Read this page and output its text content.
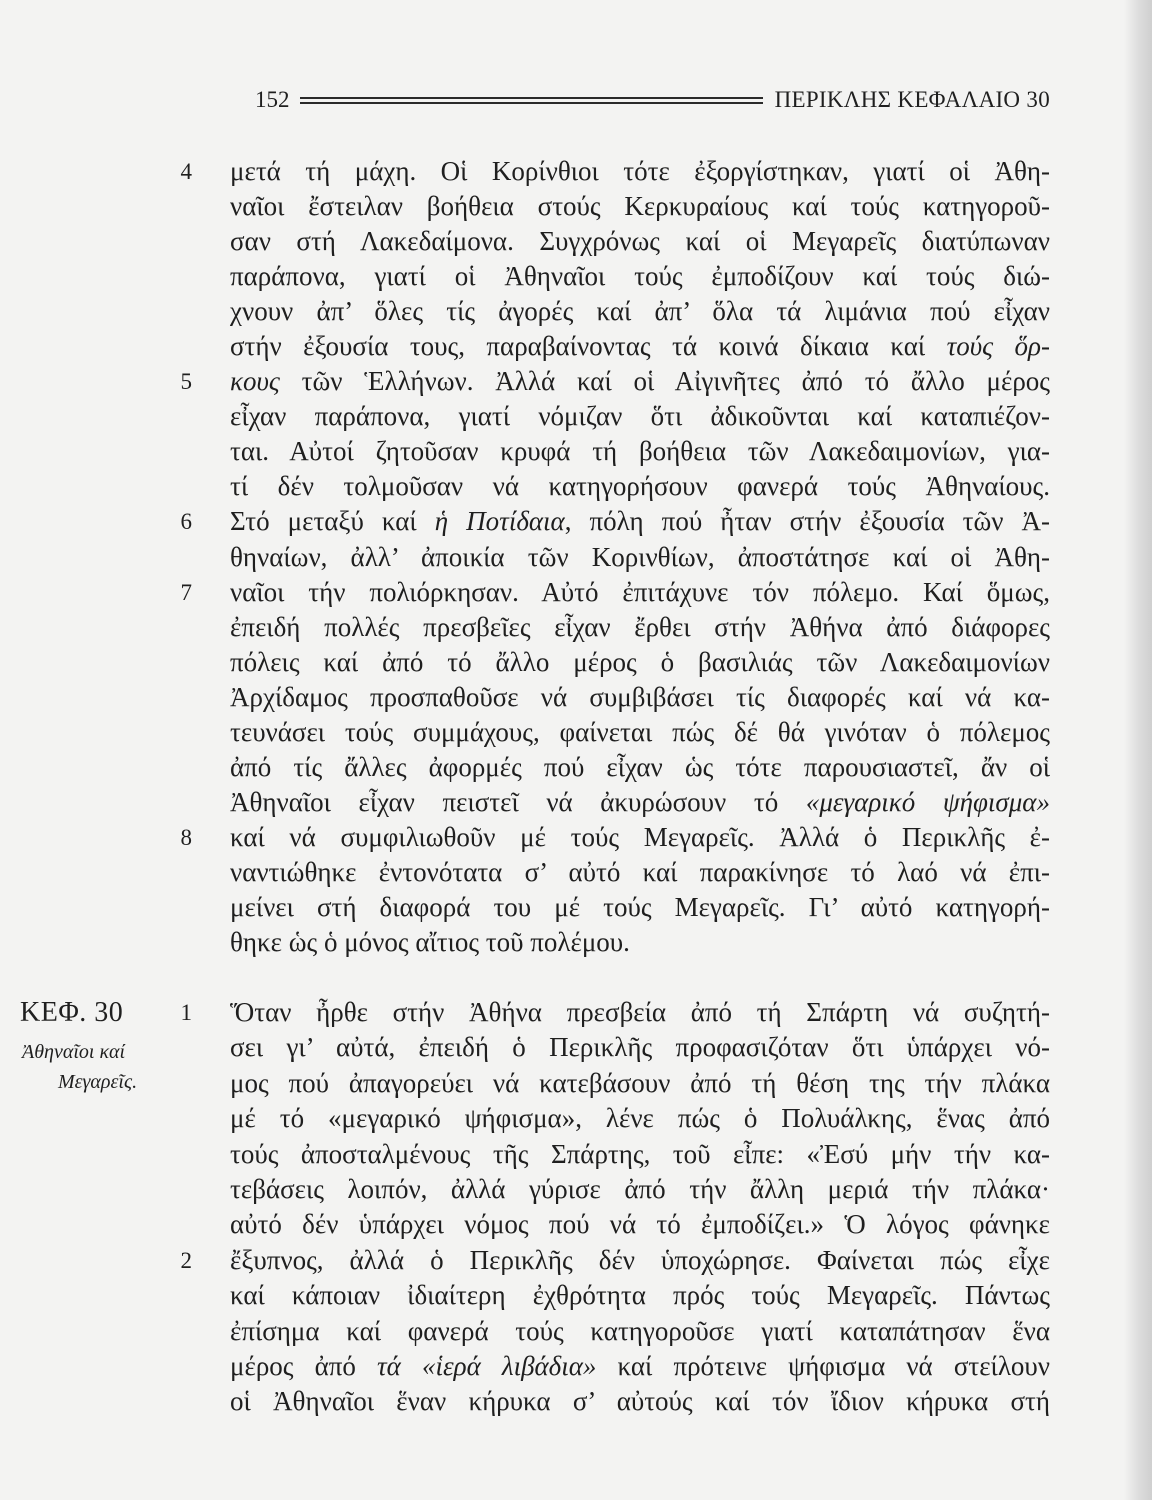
152	ΠΕΡΙΚΛΗΣ ΚΕΦΑΛΑΙΟ 30
ΚΕΦ. 30
Ἀθηναῖοι καί
Μεγαρεῖς.
4 μετά τή μάχη. Οἱ Κορίνθιοι τότε ἐξοργίστηκαν, γιατί οἱ Ἀθη-
ναῖοι ἔστειλαν βοήθεια στούς Κερκυραίους καί τούς κατηγοροῦ-
σαν στή Λακεδαίμονα. Συγχρόνως καί οἱ Μεγαρεῖς διατύπωναν
παράπονα, γιατί οἱ Ἀθηναῖοι τούς ἐμποδίζουν καί τούς διώ-
χνουν ἀπ’ ὅλες τίς ἀγορές καί ἀπ’ ὅλα τά λιμάνια πού εἶχαν
στήν ἐξουσία τους, παραβαίνοντας τά κοινά δίκαια καί τούς ὅρ-
5 κους τῶν Ἑλλήνων. Ἀλλά καί οἱ Αἰγινῆτες ἀπό τό ἄλλο μέρος
εἶχαν παράπονα, γιατί νόμιζαν ὅτι ἀδικοῦνται καί καταπιέζον-
ται. Αὐτοί ζητοῦσαν κρυφά τή βοήθεια τῶν Λακεδαιμονίων, για-
τί δέν τολμοῦσαν νά κατηγορήσουν φανερά τούς Ἀθηναίους.
6 Στό μεταξύ καί ἡ Ποτίδαια, πόλη πού ἦταν στήν ἐξουσία τῶν Ἀ-
θηναίων, ἀλλ’ ἀποικία τῶν Κορινθίων, ἀποστάτησε καί οἱ Ἀθη-
7 ναῖοι τήν πολιόρκησαν. Αὐτό ἐπιτάχυνε τόν πόλεμο. Καί ὅμως,
ἐπειδή πολλές πρεσβεῖες εἶχαν ἔρθει στήν Ἀθήνα ἀπό διάφορες
πόλεις καί ἀπό τό ἄλλο μέρος ὁ βασιλιάς τῶν Λακεδαιμονίων
Ἀρχίδαμος προσπαθοῦσε νά συμβιβάσει τίς διαφορές καί νά κα-
τευνάσει τούς συμμάχους, φαίνεται πώς δέ θά γινόταν ὁ πόλεμος
ἀπό τίς ἄλλες ἀφορμές πού εἶχαν ὡς τότε παρουσιαστεῖ, ἄν οἱ
Ἀθηναῖοι εἶχαν πειστεῖ νά ἀκυρώσουν τό «μεγαρικό ψήφισμα»
8 καί νά συμφιλιωθοῦν μέ τούς Μεγαρεῖς. Ἀλλά ὁ Περικλῆς ἐ-
ναντιώθηκε ἐντονότατα σ’ αὐτό καί παρακίνησε τό λαό νά ἐπι-
μείνει στή διαφορά του μέ τούς Μεγαρεῖς. Γι’ αὐτό κατηγορή-
θηκε ὡς ὁ μόνος αἴτιος τοῦ πολέμου.
1 Ὅταν ἦρθε στήν Ἀθήνα πρεσβεία ἀπό τή Σπάρτη νά συζητή-
σει γι’ αὐτά, ἐπειδή ὁ Περικλῆς προφασιζόταν ὅτι ὑπάρχει νό-
μος πού ἀπαγορεύει νά κατεβάσουν ἀπό τή θέση της τήν πλάκα
μέ τό «μεγαρικό ψήφισμα», λένε πώς ὁ Πολυάλκης, ἕνας ἀπό
τούς ἀποσταλμένους τῆς Σπάρτης, τοῦ εἶπε: «Ἐσύ μήν τήν κα-
τεβάσεις λοιπόν, ἀλλά γύρισε ἀπό τήν ἄλλη μεριά τήν πλάκα·
αὐτό δέν ὑπάρχει νόμος πού νά τό ἐμποδίζει.» Ὁ λόγος φάνηκε
2 ἔξυπνος, ἀλλά ὁ Περικλῆς δέν ὑποχώρησε. Φαίνεται πώς εἶχε
καί κάποιαν ἰδιαίτερη ἐχθρότητα πρός τούς Μεγαρεῖς. Πάντως
ἐπίσημα καί φανερά τούς κατηγοροῦσε γιατί καταπάτησαν ἕνα
μέρος ἀπό τά «ἱερά λιβάδια» καί πρότεινε ψήφισμα νά στείλουν
οἱ Ἀθηναῖοι ἕναν κήρυκα σ’ αὐτούς καί τόν ἴδιον κήρυκα στή
